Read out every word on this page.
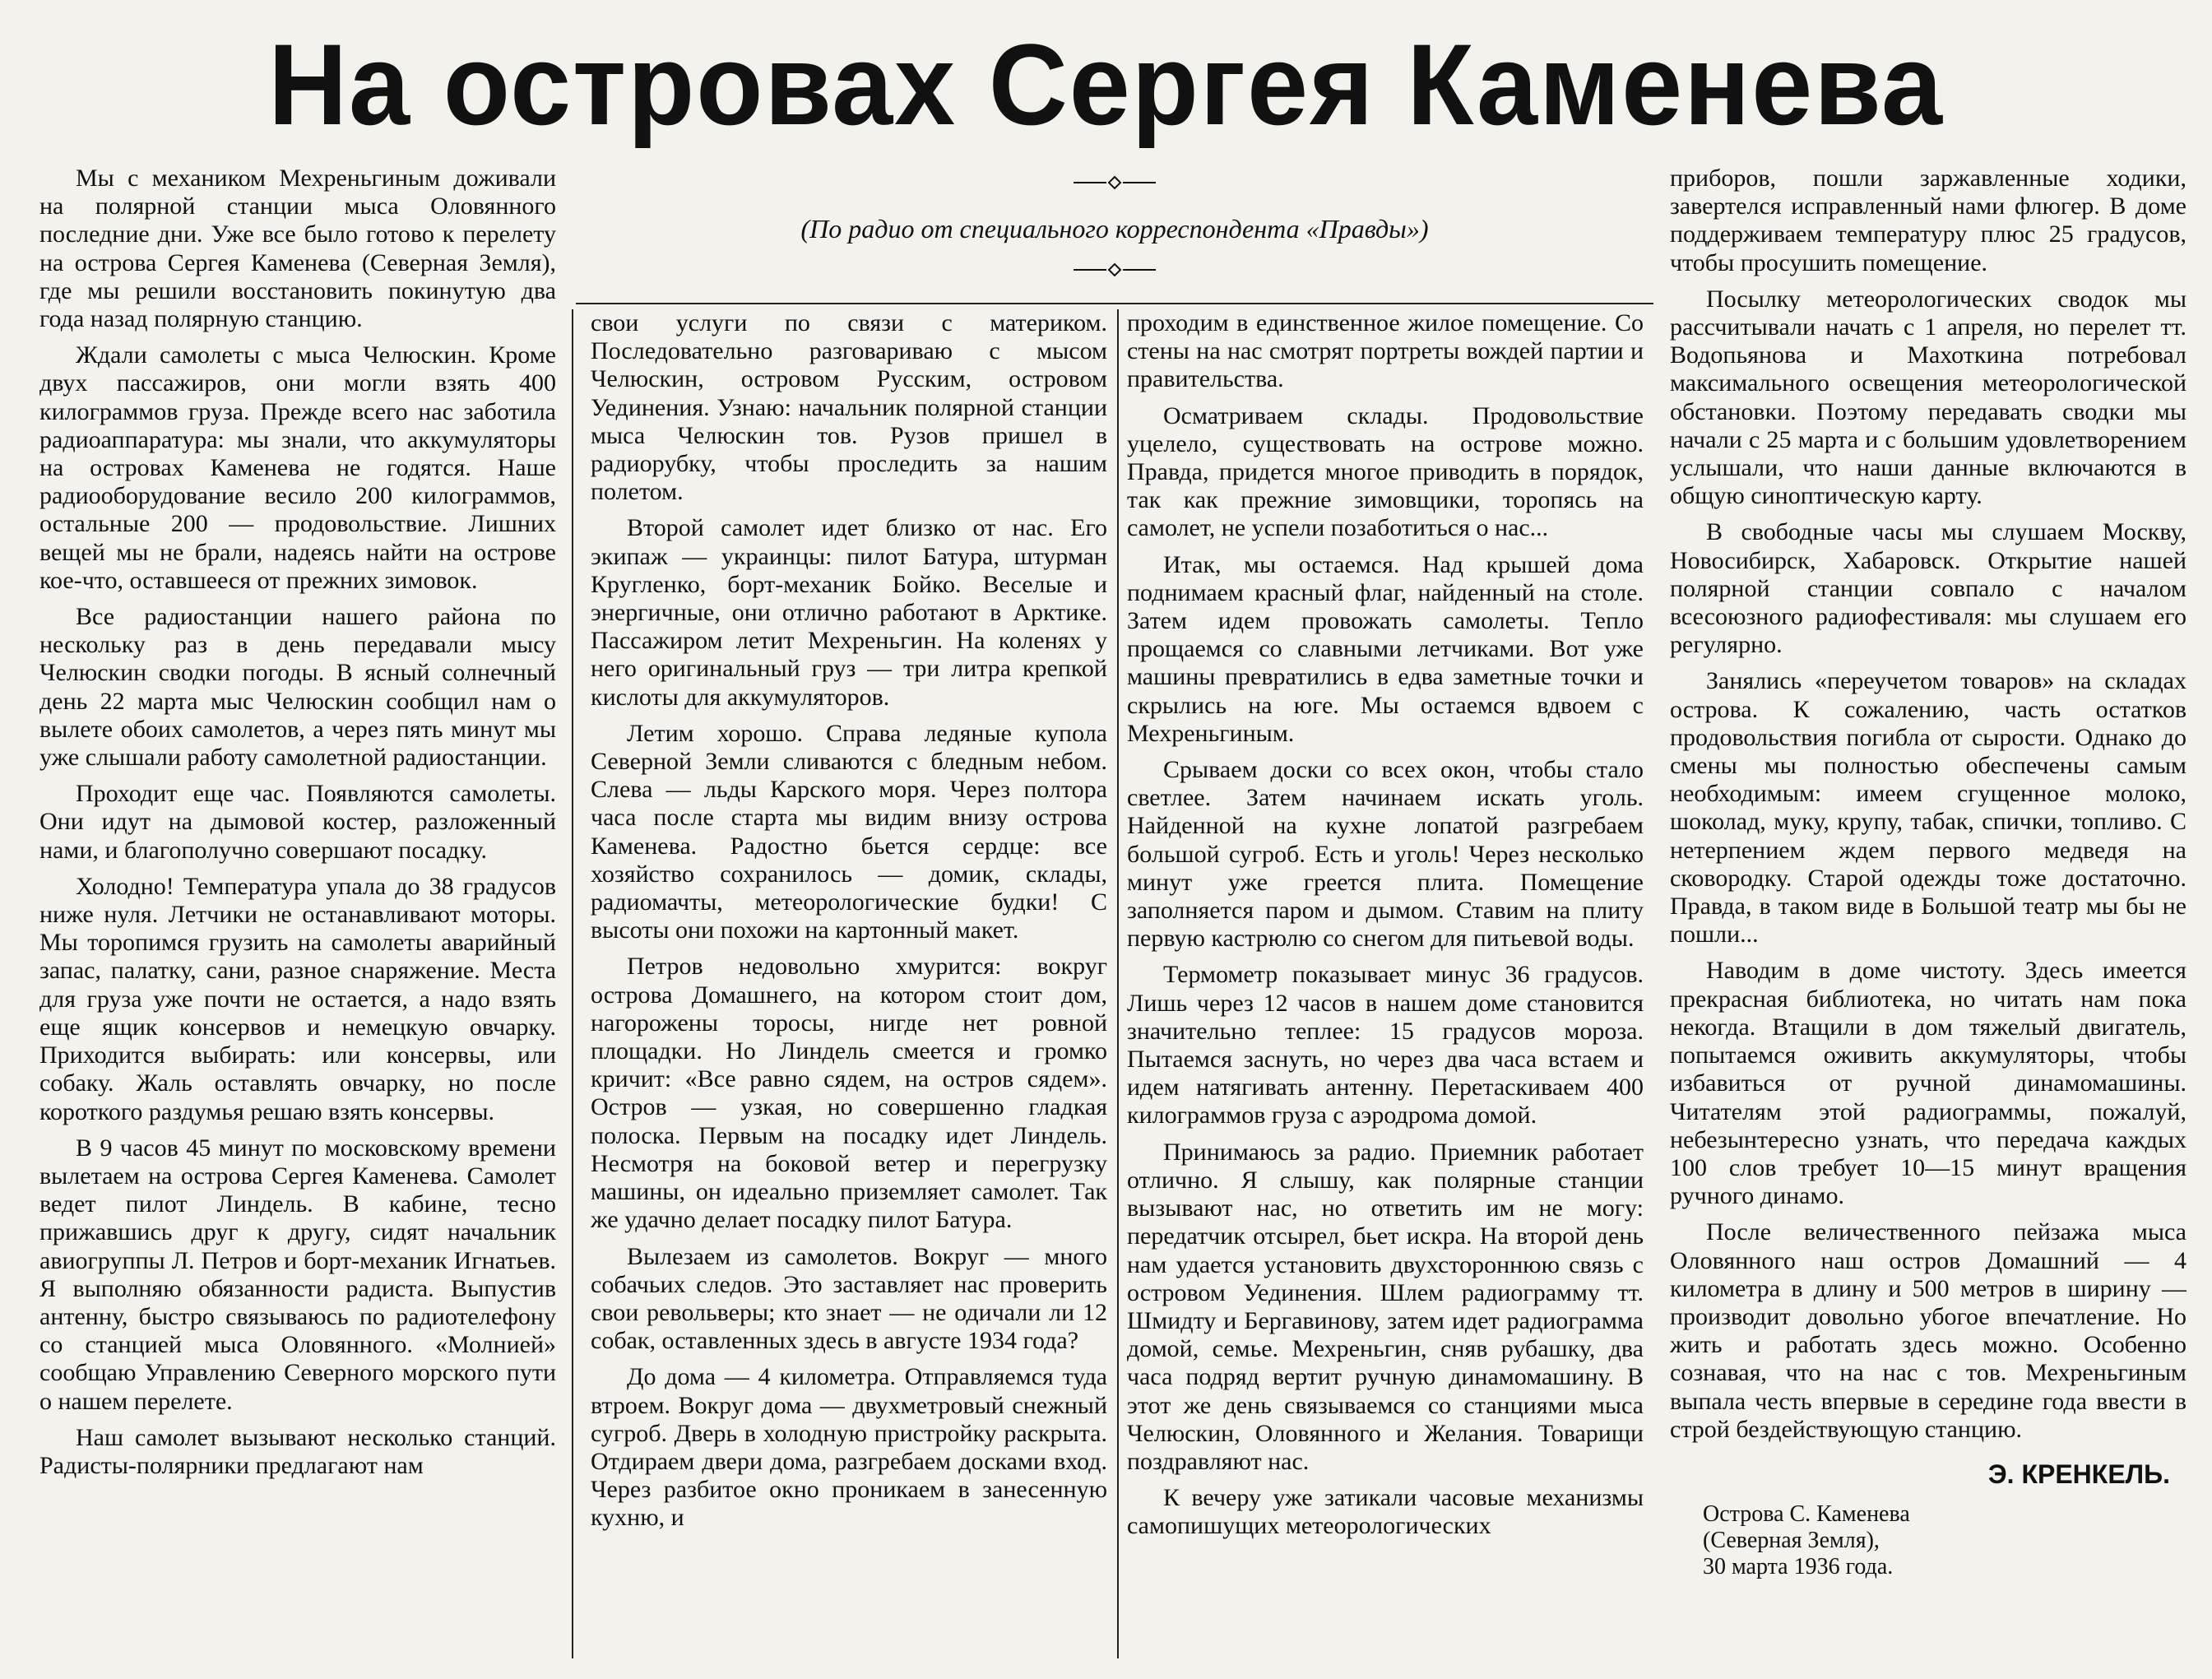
На островах Сергея Каменева
(По радио от специального корреспондента «Правды»)

Мы с механиком Мехреньгиным доживали на полярной станции мыса Оловянного последние дни. Уже все было готово к перелету на острова Сергея Каменева (Северная Земля), где мы решили восстановить покинутую два года назад полярную станцию.

Ждали самолеты с мыса Челюскин. Кроме двух пассажиров, они могли взять 400 килограммов груза. Прежде всего нас заботила радиоаппаратура: мы знали, что аккумуляторы на островах Каменева не годятся. Наше радиооборудование весило 200 килограммов, остальные 200 — продовольствие. Лишних вещей мы не брали, надеясь найти на острове кое-что, оставшееся от прежних зимовок.

Все радиостанции нашего района по нескольку раз в день передавали мысу Челюскин сводки погоды. В ясный солнечный день 22 марта мыс Челюскин сообщил нам о вылете обоих самолетов, а через пять минут мы уже слышали работу самолетной радиостанции.

Проходит еще час. Появляются самолеты. Они идут на дымовой костер, разложенный нами, и благополучно совершают посадку.

Холодно! Температура упала до 38 градусов ниже нуля. Летчики не останавливают моторы. Мы торопимся грузить на самолеты аварийный запас, палатку, сани, разное снаряжение. Места для груза уже почти не остается, а надо взять еще ящик консервов и немецкую овчарку. Приходится выбирать: или консервы, или собаку. Жаль оставлять овчарку, но после короткого раздумья решаю взять консервы.

В 9 часов 45 минут по московскому времени вылетаем на острова Сергея Каменева. Самолет ведет пилот Линдель. В кабине, тесно прижавшись друг к другу, сидят начальник авиогруппы Л. Петров и борт-механик Игнатьев. Я выполняю обязанности радиста. Выпустив антенну, быстро связываюсь по радиотелефону со станцией мыса Оловянного. «Молнией» сообщаю Управлению Северного морского пути о нашем перелете.

Наш самолет вызывают несколько станций. Радисты-полярники предлагают нам

свои услуги по связи с материком. Последовательно разговариваю с мысом Челюскин, островом Русским, островом Уединения. Узнаю: начальник полярной станции мыса Челюскин тов. Рузов пришел в радиорубку, чтобы проследить за нашим полетом.

Второй самолет идет близко от нас. Его экипаж — украинцы: пилот Батура, штурман Кругленко, борт-механик Бойко. Веселые и энергичные, они отлично работают в Арктике. Пассажиром летит Мехреньгин. На коленях у него оригинальный груз — три литра крепкой кислоты для аккумуляторов.

Летим хорошо. Справа ледяные купола Северной Земли сливаются с бледным небом. Слева — льды Карского моря. Через полтора часа после старта мы видим внизу острова Каменева. Радостно бьется сердце: все хозяйство сохранилось — домик, склады, радиомачты, метеорологические будки! С высоты они похожи на картонный макет.

Петров недовольно хмурится: вокруг острова Домашнего, на котором стоит дом, нагорожены торосы, нигде нет ровной площадки. Но Линдель смеется и громко кричит: «Все равно сядем, на остров сядем». Остров — узкая, но совершенно гладкая полоска. Первым на посадку идет Линдель. Несмотря на боковой ветер и перегрузку машины, он идеально приземляет самолет. Так же удачно делает посадку пилот Батура.

Вылезаем из самолетов. Вокруг — много собачьих следов. Это заставляет нас проверить свои револьверы; кто знает — не одичали ли 12 собак, оставленных здесь в августе 1934 года?

До дома — 4 километра. Отправляемся туда втроем. Вокруг дома — двухметровый снежный сугроб. Дверь в холодную пристройку раскрыта. Отдираем двери дома, разгребаем досками вход. Через разбитое окно проникаем в занесенную кухню, и

проходим в единственное жилое помещение. Со стены на нас смотрят портреты вождей партии и правительства.

Осматриваем склады. Продовольствие уцелело, существовать на острове можно. Правда, придется многое приводить в порядок, так как прежние зимовщики, торопясь на самолет, не успели позаботиться о нас...

Итак, мы остаемся. Над крышей дома поднимаем красный флаг, найденный на столе. Затем идем провожать самолеты. Тепло прощаемся со славными летчиками. Вот уже машины превратились в едва заметные точки и скрылись на юге. Мы остаемся вдвоем с Мехреньгиным.

Срываем доски со всех окон, чтобы стало светлее. Затем начинаем искать уголь. Найденной на кухне лопатой разгребаем большой сугроб. Есть и уголь! Через несколько минут уже греется плита. Помещение заполняется паром и дымом. Ставим на плиту первую кастрюлю со снегом для питьевой воды.

Термометр показывает минус 36 градусов. Лишь через 12 часов в нашем доме становится значительно теплее: 15 градусов мороза. Пытаемся заснуть, но через два часа встаем и идем натягивать антенну. Перетаскиваем 400 килограммов груза с аэродрома домой.

Принимаюсь за радио. Приемник работает отлично. Я слышу, как полярные станции вызывают нас, но ответить им не могу: передатчик отсырел, бьет искра. На второй день нам удается установить двухстороннюю связь с островом Уединения. Шлем радиограмму тт. Шмидту и Бергавинову, затем идет радиограмма домой, семье. Мехреньгин, сняв рубашку, два часа подряд вертит ручную динамомашину. В этот же день связываемся со станциями мыса Челюскин, Оловянного и Желания. Товарищи поздравляют нас.

К вечеру уже затикали часовые механизмы самопишущих метеорологических

приборов, пошли заржавленные ходики, завертелся исправленный нами флюгер. В доме поддерживаем температуру плюс 25 градусов, чтобы просушить помещение.

Посылку метеорологических сводок мы рассчитывали начать с 1 апреля, но перелет тт. Водопьянова и Махоткина потребовал максимального освещения метеорологической обстановки. Поэтому передавать сводки мы начали с 25 марта и с большим удовлетворением услышали, что наши данные включаются в общую синоптическую карту.

В свободные часы мы слушаем Москву, Новосибирск, Хабаровск. Открытие нашей полярной станции совпало с началом всесоюзного радиофестиваля: мы слушаем его регулярно.

Занялись «переучетом товаров» на складах острова. К сожалению, часть остатков продовольствия погибла от сырости. Однако до смены мы полностью обеспечены самым необходимым: имеем сгущенное молоко, шоколад, муку, крупу, табак, спички, топливо. С нетерпением ждем первого медведя на сковородку. Старой одежды тоже достаточно. Правда, в таком виде в Большой театр мы бы не пошли...

Наводим в доме чистоту. Здесь имеется прекрасная библиотека, но читать нам пока некогда. Втащили в дом тяжелый двигатель, попытаемся оживить аккумуляторы, чтобы избавиться от ручной динамомашины. Читателям этой радиограммы, пожалуй, небезынтересно узнать, что передача каждых 100 слов требует 10—15 минут вращения ручного динамо.

После величественного пейзажа мыса Оловянного наш остров Домашний — 4 километра в длину и 500 метров в ширину — производит довольно убогое впечатление. Но жить и работать здесь можно. Особенно сознавая, что на нас с тов. Мехреньгиным выпала честь впервые в середине года ввести в строй бездействующую станцию.

Э. КРЕНКЕЛЬ.
Острова С. Каменева
(Северная Земля),
30 марта 1936 года.
